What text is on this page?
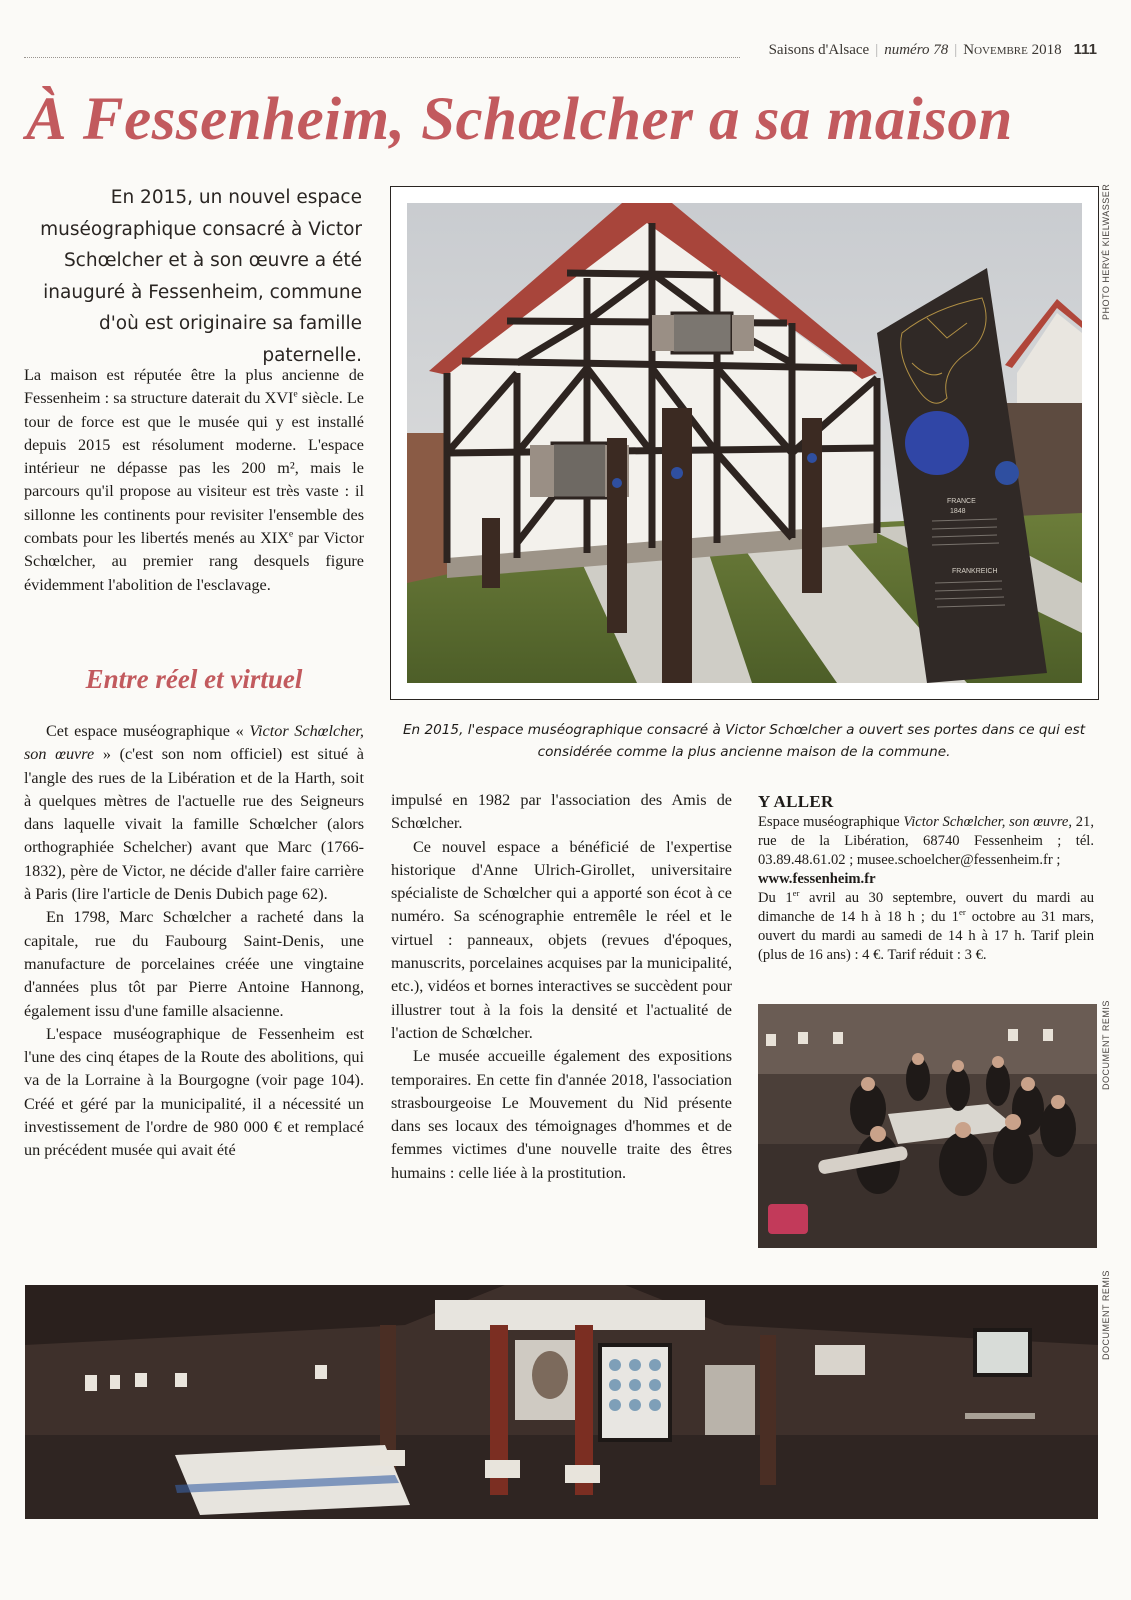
Saisons d'Alsace | numéro 78 | Novembre 2018 111
À Fessenheim, Schœlcher a sa maison

En 2015, un nouvel espace muséographique consacré à Victor Schœlcher et à son œuvre a été inauguré à Fessenheim, commune d'où est originaire sa famille paternelle.

La maison est réputée être la plus ancienne de Fessenheim : sa structure daterait du XVIe siècle. Le tour de force est que le musée qui y est installé depuis 2015 est résolument moderne. L'espace intérieur ne dépasse pas les 200 m², mais le parcours qu'il propose au visiteur est très vaste : il sillonne les continents pour revisiter l'ensemble des combats pour les libertés menés au XIXe par Victor Schœlcher, au premier rang desquels figure évidemment l'abolition de l'esclavage.

Entre réel et virtuel

Cet espace muséographique « Victor Schœlcher, son œuvre » (c'est son nom officiel) est situé à l'angle des rues de la Libération et de la Harth, soit à quelques mètres de l'actuelle rue des Seigneurs dans laquelle vivait la famille Schœlcher (alors orthographiée Schelcher) avant que Marc (1766-1832), père de Victor, ne décide d'aller faire carrière à Paris (lire l'article de Denis Dubich page 62).

En 1798, Marc Schœlcher a racheté dans la capitale, rue du Faubourg Saint-Denis, une manufacture de porcelaines créée une vingtaine d'années plus tôt par Pierre Antoine Hannong, également issu d'une famille alsacienne.

L'espace muséographique de Fessenheim est l'une des cinq étapes de la Route des abolitions, qui va de la Lorraine à la Bourgogne (voir page 104). Créé et géré par la municipalité, il a nécessité un investissement de l'ordre de 980 000 € et remplacé un précédent musée qui avait été

impulsé en 1982 par l'association des Amis de Schœlcher.

Ce nouvel espace a bénéficié de l'expertise historique d'Anne Ulrich-Girollet, universitaire spécialiste de Schœlcher qui a apporté son écot à ce numéro. Sa scénographie entremêle le réel et le virtuel : panneaux, objets (revues d'époques, manuscrits, porcelaines acquises par la municipalité, etc.), vidéos et bornes interactives se succèdent pour illustrer tout à la fois la densité et l'actualité de l'action de Schœlcher.

Le musée accueille également des expositions temporaires. En cette fin d'année 2018, l'association strasbourgeoise Le Mouvement du Nid présente dans ses locaux des témoignages d'hommes et de femmes victimes d'une nouvelle traite des êtres humains : celle liée à la prostitution.

FRANCE
1848
FRANKREICH
PHOTO HERVÉ KIELWASSER

En 2015, l'espace muséographique consacré à Victor Schœlcher a ouvert ses portes dans ce qui est considérée comme la plus ancienne maison de la commune.

Y ALLER
Espace muséographique Victor Schœlcher, son œuvre, 21, rue de la Libération, 68740 Fessenheim ; tél. 03.89.48.61.02 ; musee.schoelcher@fessenheim.fr ;
www.fessenheim.fr
Du 1er avril au 30 septembre, ouvert du mardi au dimanche de 14 h à 18 h ; du 1er octobre au 31 mars, ouvert du mardi au samedi de 14 h à 17 h. Tarif plein (plus de 16 ans) : 4 €. Tarif réduit : 3 €.
DOCUMENT REMIS
DOCUMENT REMIS
